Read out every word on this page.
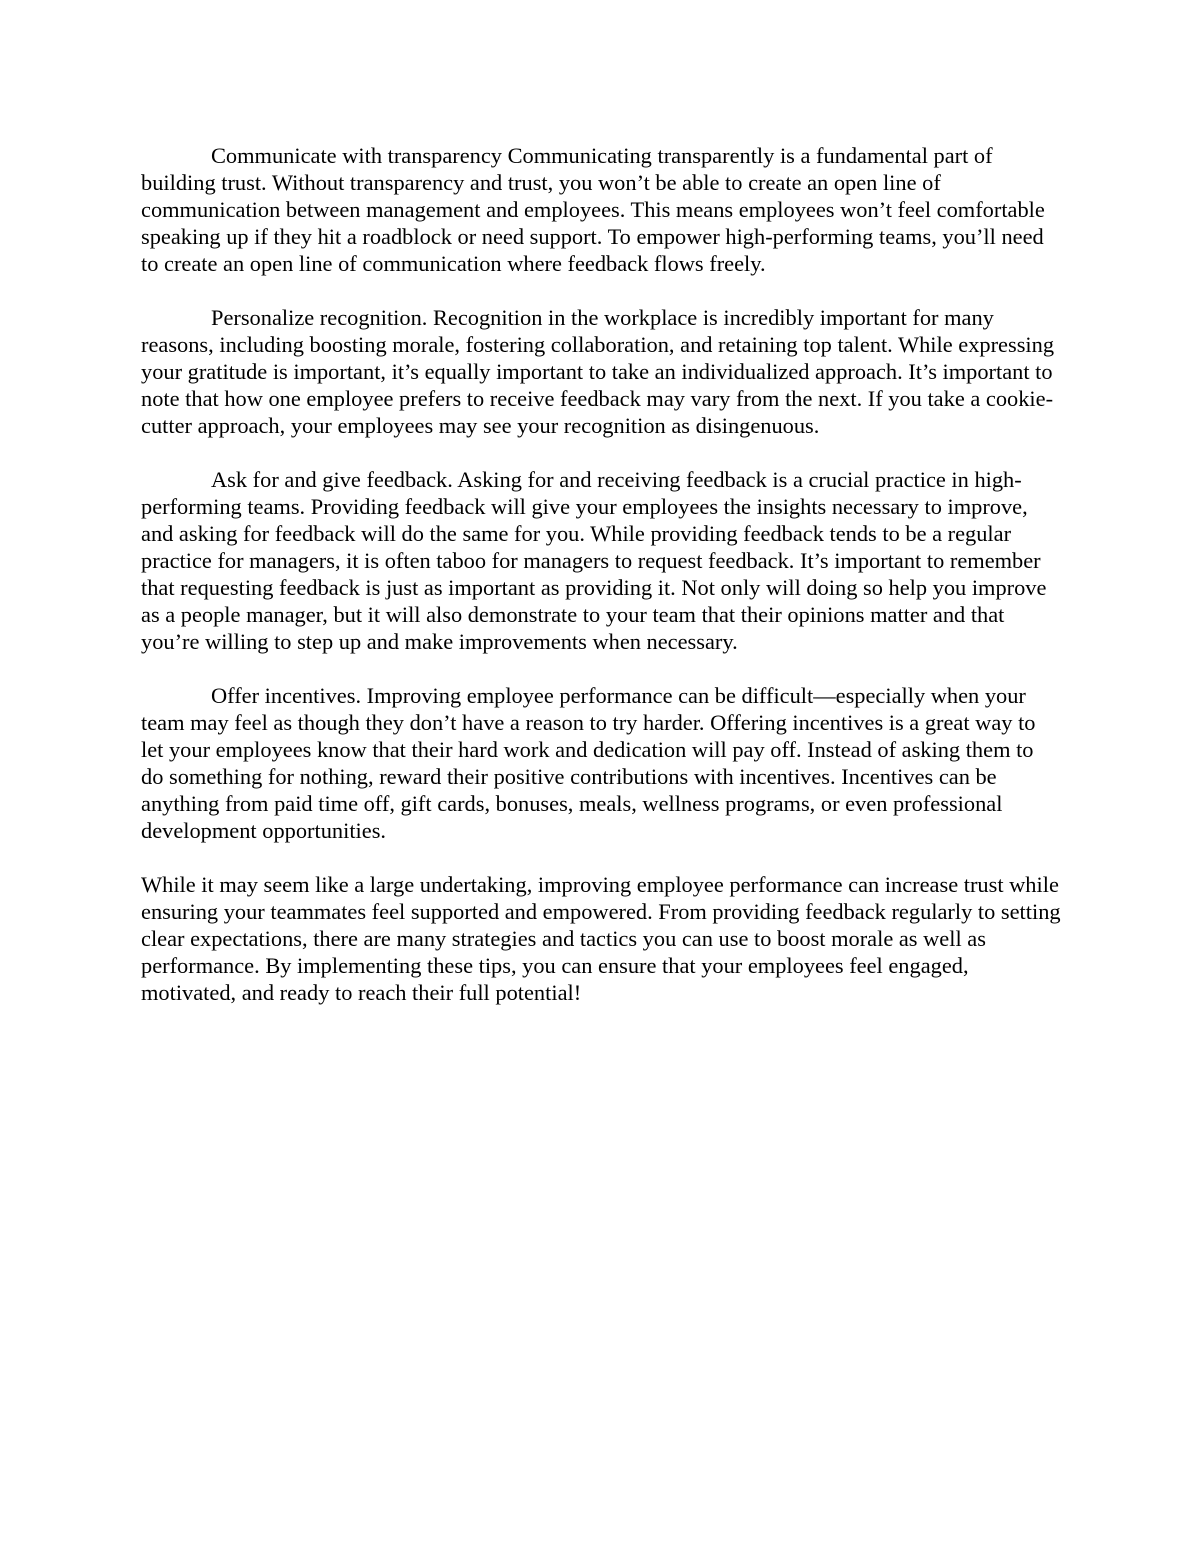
Communicate with transparency Communicating transparently is a fundamental part of building trust. Without transparency and trust, you won’t be able to create an open line of communication between management and employees. This means employees won’t feel comfortable speaking up if they hit a roadblock or need support. To empower high-performing teams, you’ll need to create an open line of communication where feedback flows freely.

Personalize recognition. Recognition in the workplace is incredibly important for many reasons, including boosting morale, fostering collaboration, and retaining top talent. While expressing your gratitude is important, it’s equally important to take an individualized approach. It’s important to note that how one employee prefers to receive feedback may vary from the next. If you take a cookie-cutter approach, your employees may see your recognition as disingenuous.

Ask for and give feedback. Asking for and receiving feedback is a crucial practice in high-performing teams. Providing feedback will give your employees the insights necessary to improve, and asking for feedback will do the same for you. While providing feedback tends to be a regular practice for managers, it is often taboo for managers to request feedback. It’s important to remember that requesting feedback is just as important as providing it. Not only will doing so help you improve as a people manager, but it will also demonstrate to your team that their opinions matter and that you’re willing to step up and make improvements when necessary.

Offer incentives. Improving employee performance can be difficult—especially when your team may feel as though they don’t have a reason to try harder. Offering incentives is a great way to let your employees know that their hard work and dedication will pay off. Instead of asking them to do something for nothing, reward their positive contributions with incentives. Incentives can be anything from paid time off, gift cards, bonuses, meals, wellness programs, or even professional development opportunities.

While it may seem like a large undertaking, improving employee performance can increase trust while ensuring your teammates feel supported and empowered. From providing feedback regularly to setting clear expectations, there are many strategies and tactics you can use to boost morale as well as performance. By implementing these tips, you can ensure that your employees feel engaged, motivated, and ready to reach their full potential!
